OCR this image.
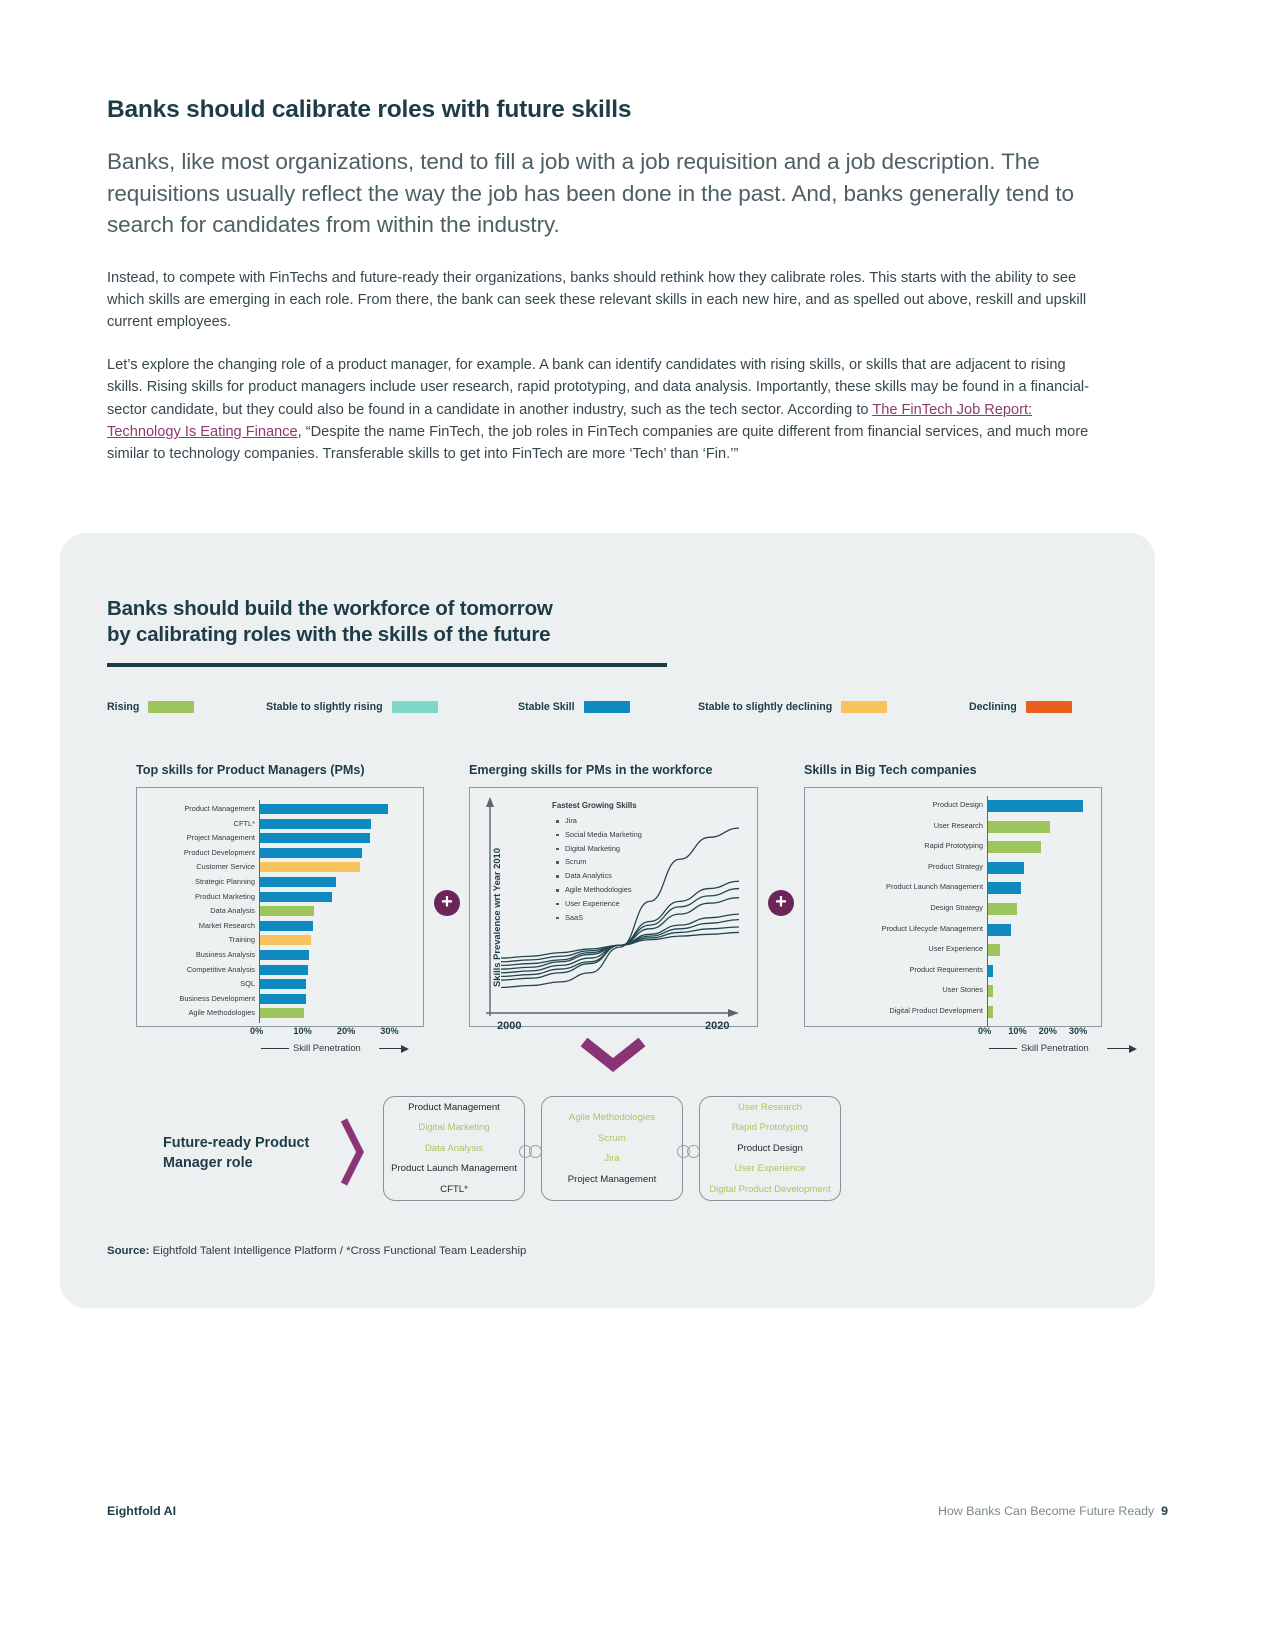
Banks should calibrate roles with future skills

Banks, like most organizations, tend to fill a job with a job requisition and a job description. The requisitions usually reflect the way the job has been done in the past. And, banks generally tend to search for candidates from within the industry.

Instead, to compete with FinTechs and future-ready their organizations, banks should rethink how they calibrate roles. This starts with the ability to see which skills are emerging in each role. From there, the bank can seek these relevant skills in each new hire, and as spelled out above, reskill and upskill current employees.

Let’s explore the changing role of a product manager, for example. A bank can identify candidates with rising skills, or skills that are adjacent to rising skills. Rising skills for product managers include user research, rapid prototyping, and data analysis. Importantly, these skills may be found in a financial-sector candidate, but they could also be found in a candidate in another industry, such as the tech sector. According to The FinTech Job Report: Technology Is Eating Finance, “Despite the name FinTech, the job roles in FinTech companies are quite different from financial services, and much more similar to technology companies. Transferable skills to get into FinTech are more ‘Tech’ than ‘Fin.’”

Banks should build the workforce of tomorrow
by calibrating roles with the skills of the future
Rising	Stable to slightly rising	Stable Skill	Stable to slightly declining	Declining
Top skills for Product Managers (PMs)
Product Management
CFTL*
Project Management
Product Development
Customer Service
Strategic Planning
Product Marketing
Data Analysis
Market Research
Training
Business Analysis
Competitive Analysis
SQL
Business Development
Agile Methodologies
0%	10%	20%	30%
Skill Penetration
+
Emerging skills for PMs in the workforce
Skills Prevalence wrt Year 2010
Fastest Growing Skills
Jira
Social Media Marketing
Digital Marketing
Scrum
Data Analytics
Agile Methodologies
User Experience
SaaS
2000	2020
+
Skills in Big Tech companies
Product Design
User Research
Rapid Prototyping
Product Strategy
Product Launch Management
Design Strategy
Product Lifecycle Management
User Experience
Product Requirements
User Stories
Digital Product Development
0% 10% 20% 30%
Skill Penetration
Future-ready Product
Manager role
Product Management
Digital Marketing
Data Analysis
Product Launch Management
CFTL*
Agile Methodologies
Scrum
Jira
Project Management
User Research
Rapid Prototyping
Product Design
User Experience
Digital Product Development
Source: Eightfold Talent Intelligence Platform / *Cross Functional Team Leadership
Eightfold AI	How Banks Can Become Future Ready 9
